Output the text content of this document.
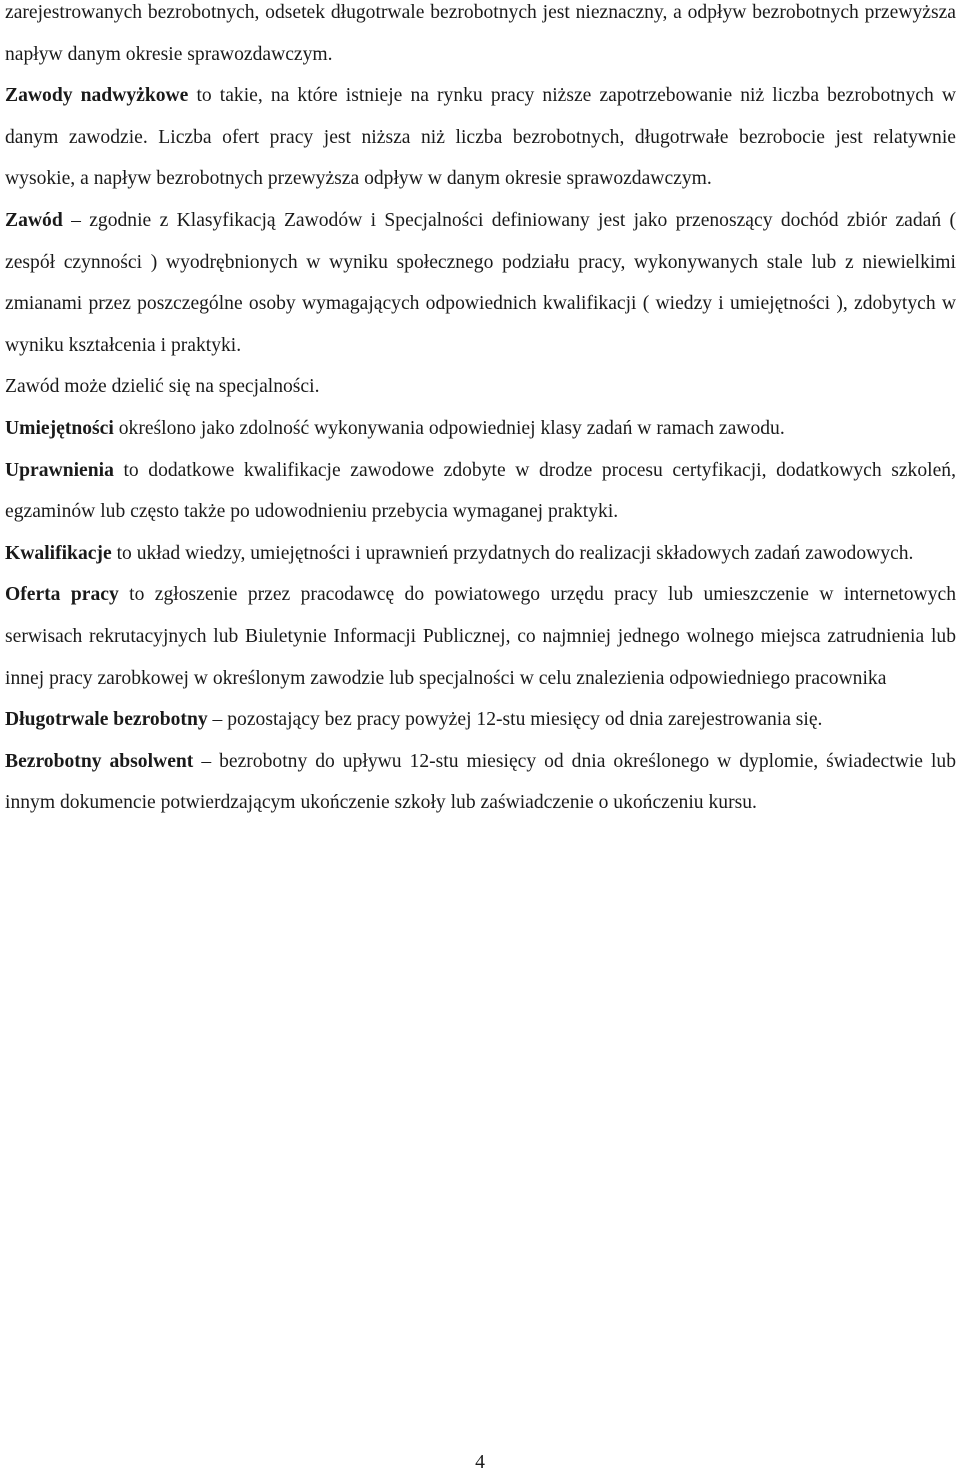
zarejestrowanych bezrobotnych, odsetek długotrwale bezrobotnych jest nieznaczny, a odpływ bezrobotnych przewyższa napływ danym okresie sprawozdawczym.

Zawody nadwyżkowe to takie, na które istnieje na rynku pracy niższe zapotrzebowanie niż liczba bezrobotnych w danym zawodzie. Liczba ofert pracy jest niższa niż liczba bezrobotnych, długotrwałe bezrobocie jest relatywnie wysokie, a napływ bezrobotnych przewyższa odpływ w danym okresie sprawozdawczym.

Zawód – zgodnie z Klasyfikacją Zawodów i Specjalności definiowany jest jako przenoszący dochód zbiór zadań ( zespół czynności ) wyodrębnionych w wyniku społecznego podziału pracy, wykonywanych stale lub z niewielkimi zmianami przez poszczególne osoby wymagających odpowiednich kwalifikacji ( wiedzy i umiejętności ), zdobytych w wyniku kształcenia i praktyki.

Zawód może dzielić się na specjalności.

Umiejętności określono jako zdolność wykonywania odpowiedniej klasy zadań w ramach zawodu.

Uprawnienia to dodatkowe kwalifikacje zawodowe zdobyte w drodze procesu certyfikacji, dodatkowych szkoleń, egzaminów lub często także po udowodnieniu przebycia wymaganej praktyki.

Kwalifikacje to układ wiedzy, umiejętności i uprawnień przydatnych do realizacji składowych zadań zawodowych.

Oferta pracy to zgłoszenie przez pracodawcę do powiatowego urzędu pracy lub umieszczenie w internetowych serwisach rekrutacyjnych lub Biuletynie Informacji Publicznej, co najmniej jednego wolnego miejsca zatrudnienia lub innej pracy zarobkowej w określonym zawodzie lub specjalności w celu znalezienia odpowiedniego pracownika

Długotrwale bezrobotny – pozostający bez pracy powyżej 12-stu miesięcy od dnia zarejestrowania się.

Bezrobotny absolwent – bezrobotny do upływu 12-stu miesięcy od dnia określonego w dyplomie, świadectwie lub innym dokumencie potwierdzającym ukończenie szkoły lub zaświadczenie o ukończeniu kursu.

4
